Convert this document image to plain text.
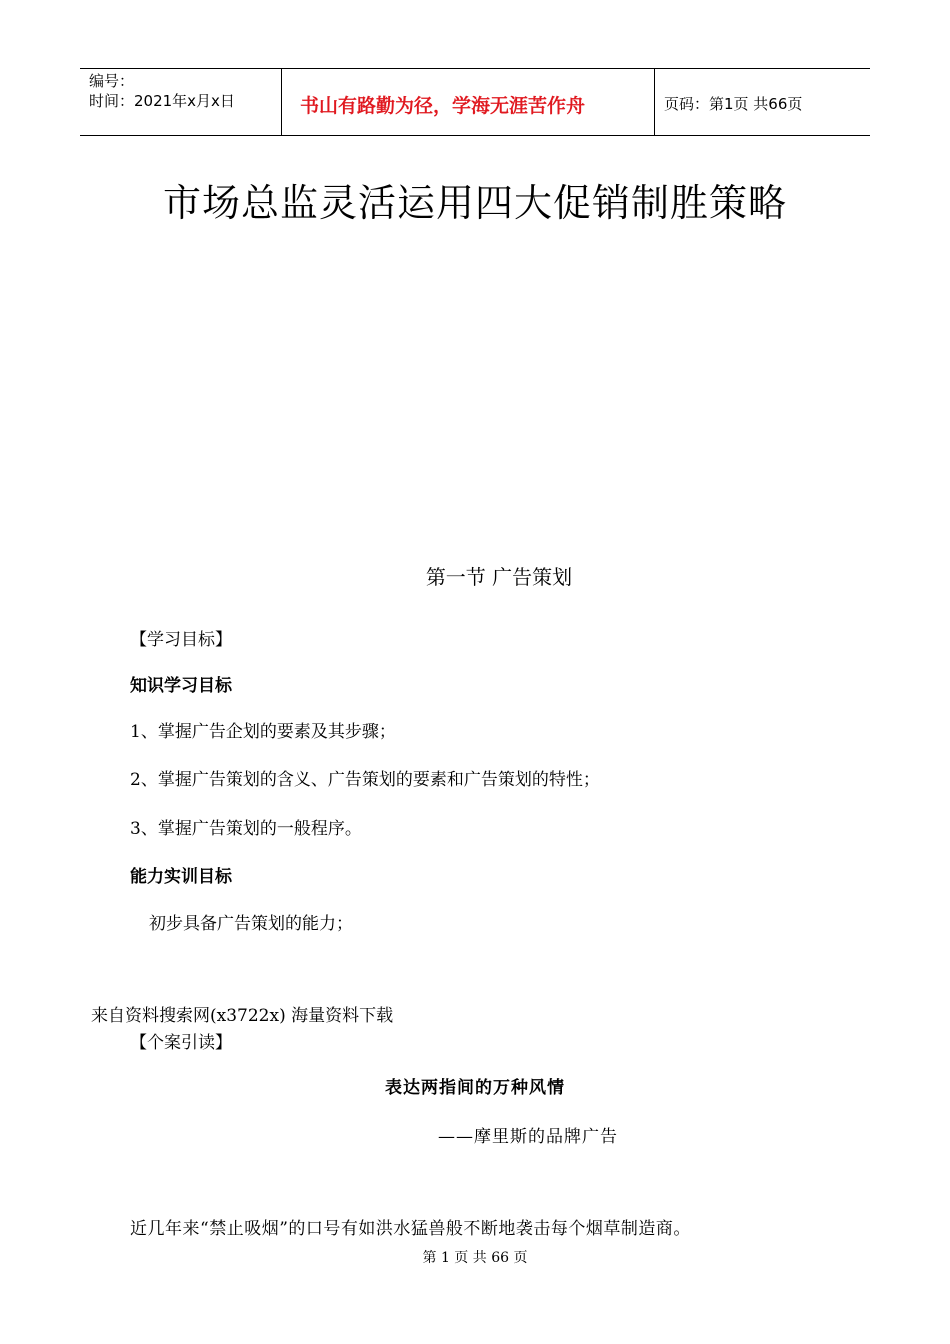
编号：
时间：2021年x月x日	书山有路勤为径，学海无涯苦作舟	页码：第1页 共66页
市场总监灵活运用四大促销制胜策略
第一节 广告策划
【学习目标】
知识学习目标
1、掌握广告企划的要素及其步骤；
2、掌握广告策划的含义、广告策划的要素和广告策划的特性；
3、掌握广告策划的一般程序。
能力实训目标
初步具备广告策划的能力；
来自资料搜索网(x3722x) 海量资料下载
【个案引读】
表达两指间的万种风情
——摩里斯的品牌广告
近几年来“禁止吸烟”的口号有如洪水猛兽般不断地袭击每个烟草制造商。
第 1 页 共 66 页
